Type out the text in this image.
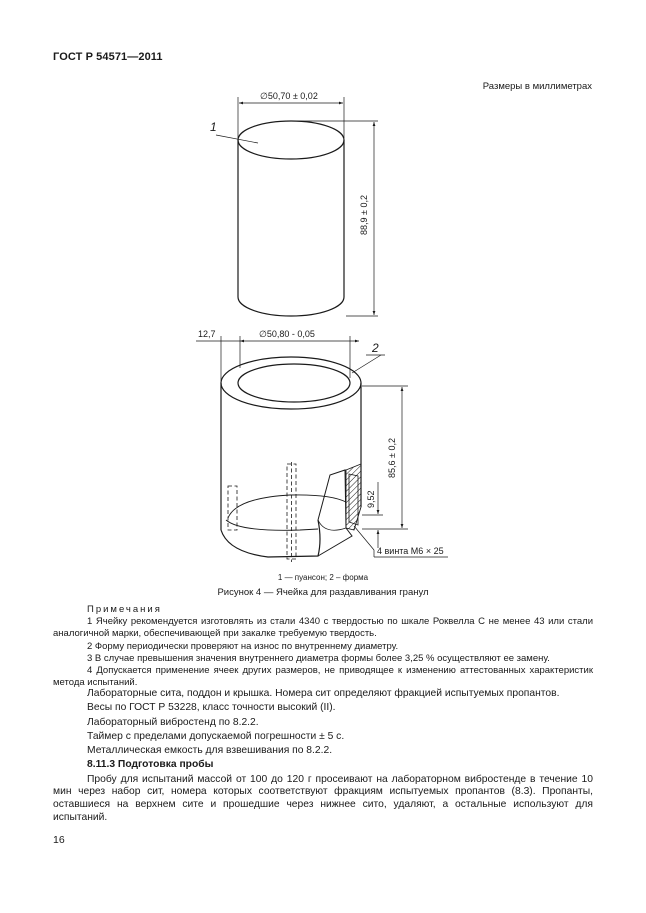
ГОСТ Р 54571—2011
Размеры в миллиметрах
1
2
∅50,70 ± 0,02
88,9 ± 0,2
12,7	∅50,80 - 0,05
85,6 ± 0,2
9,52
4 винта М6 × 25
1 — пуансон; 2 – форма
Рисунок 4 — Ячейка для раздавливания гранул
Примечания

1 Ячейку рекомендуется изготовлять из стали 4340 с твердостью по шкале Роквелла С не менее 43 или стали аналогичной марки, обеспечивающей при закалке требуемую твердость.

2 Форму периодически проверяют на износ по внутреннему диаметру.

3 В случае превышения значения внутреннего диаметра формы более 3,25 % осуществляют ее замену.

4 Допускается применение ячеек других размеров, не приводящее к изменению аттестованных характеристик метода испытаний.

Лабораторные сита, поддон и крышка. Номера сит определяют фракцией испытуемых пропантов.

Весы по ГОСТ Р 53228, класс точности высокий (II).

Лабораторный вибростенд по 8.2.2.

Таймер с пределами допускаемой погрешности ± 5 с.

Металлическая емкость для взвешивания по 8.2.2.

8.11.3 Подготовка пробы

Пробу для испытаний массой от 100 до 120 г просеивают на лабораторном вибростенде в течение 10 мин через набор сит, номера которых соответствуют фракциям испытуемых пропантов (8.3). Пропанты, оставшиеся на верхнем сите и прошедшие через нижнее сито, удаляют, а остальные используют для испытаний.

16
